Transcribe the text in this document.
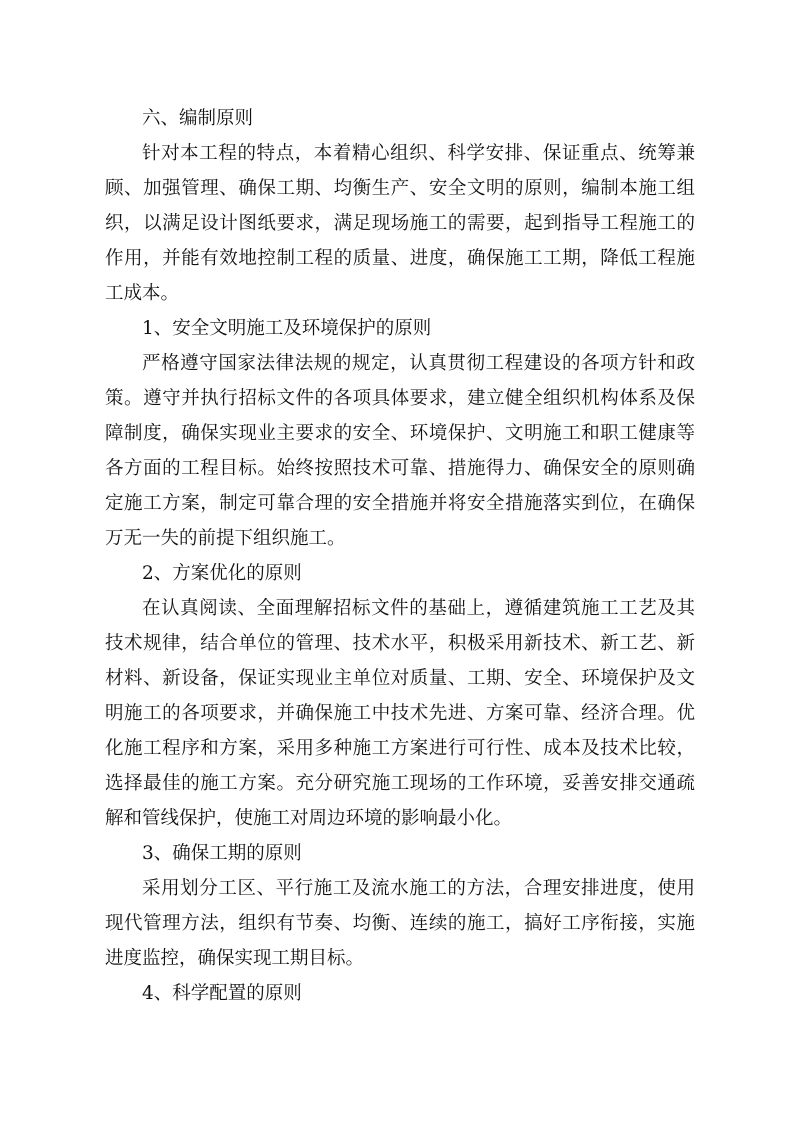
六、编制原则

针对本工程的特点，本着精心组织、科学安排、保证重点、统筹兼顾、加强管理、确保工期、均衡生产、安全文明的原则，编制本施工组织，以满足设计图纸要求，满足现场施工的需要，起到指导工程施工的作用，并能有效地控制工程的质量、进度，确保施工工期，降低工程施工成本。

1、安全文明施工及环境保护的原则

严格遵守国家法律法规的规定，认真贯彻工程建设的各项方针和政策。遵守并执行招标文件的各项具体要求，建立健全组织机构体系及保障制度，确保实现业主要求的安全、环境保护、文明施工和职工健康等各方面的工程目标。始终按照技术可靠、措施得力、确保安全的原则确定施工方案，制定可靠合理的安全措施并将安全措施落实到位，在确保万无一失的前提下组织施工。

2、方案优化的原则

在认真阅读、全面理解招标文件的基础上，遵循建筑施工工艺及其技术规律，结合单位的管理、技术水平，积极采用新技术、新工艺、新材料、新设备，保证实现业主单位对质量、工期、安全、环境保护及文明施工的各项要求，并确保施工中技术先进、方案可靠、经济合理。优化施工程序和方案，采用多种施工方案进行可行性、成本及技术比较，选择最佳的施工方案。充分研究施工现场的工作环境，妥善安排交通疏解和管线保护，使施工对周边环境的影响最小化。

3、确保工期的原则

采用划分工区、平行施工及流水施工的方法，合理安排进度，使用现代管理方法，组织有节奏、均衡、连续的施工，搞好工序衔接，实施进度监控，确保实现工期目标。

4、科学配置的原则
